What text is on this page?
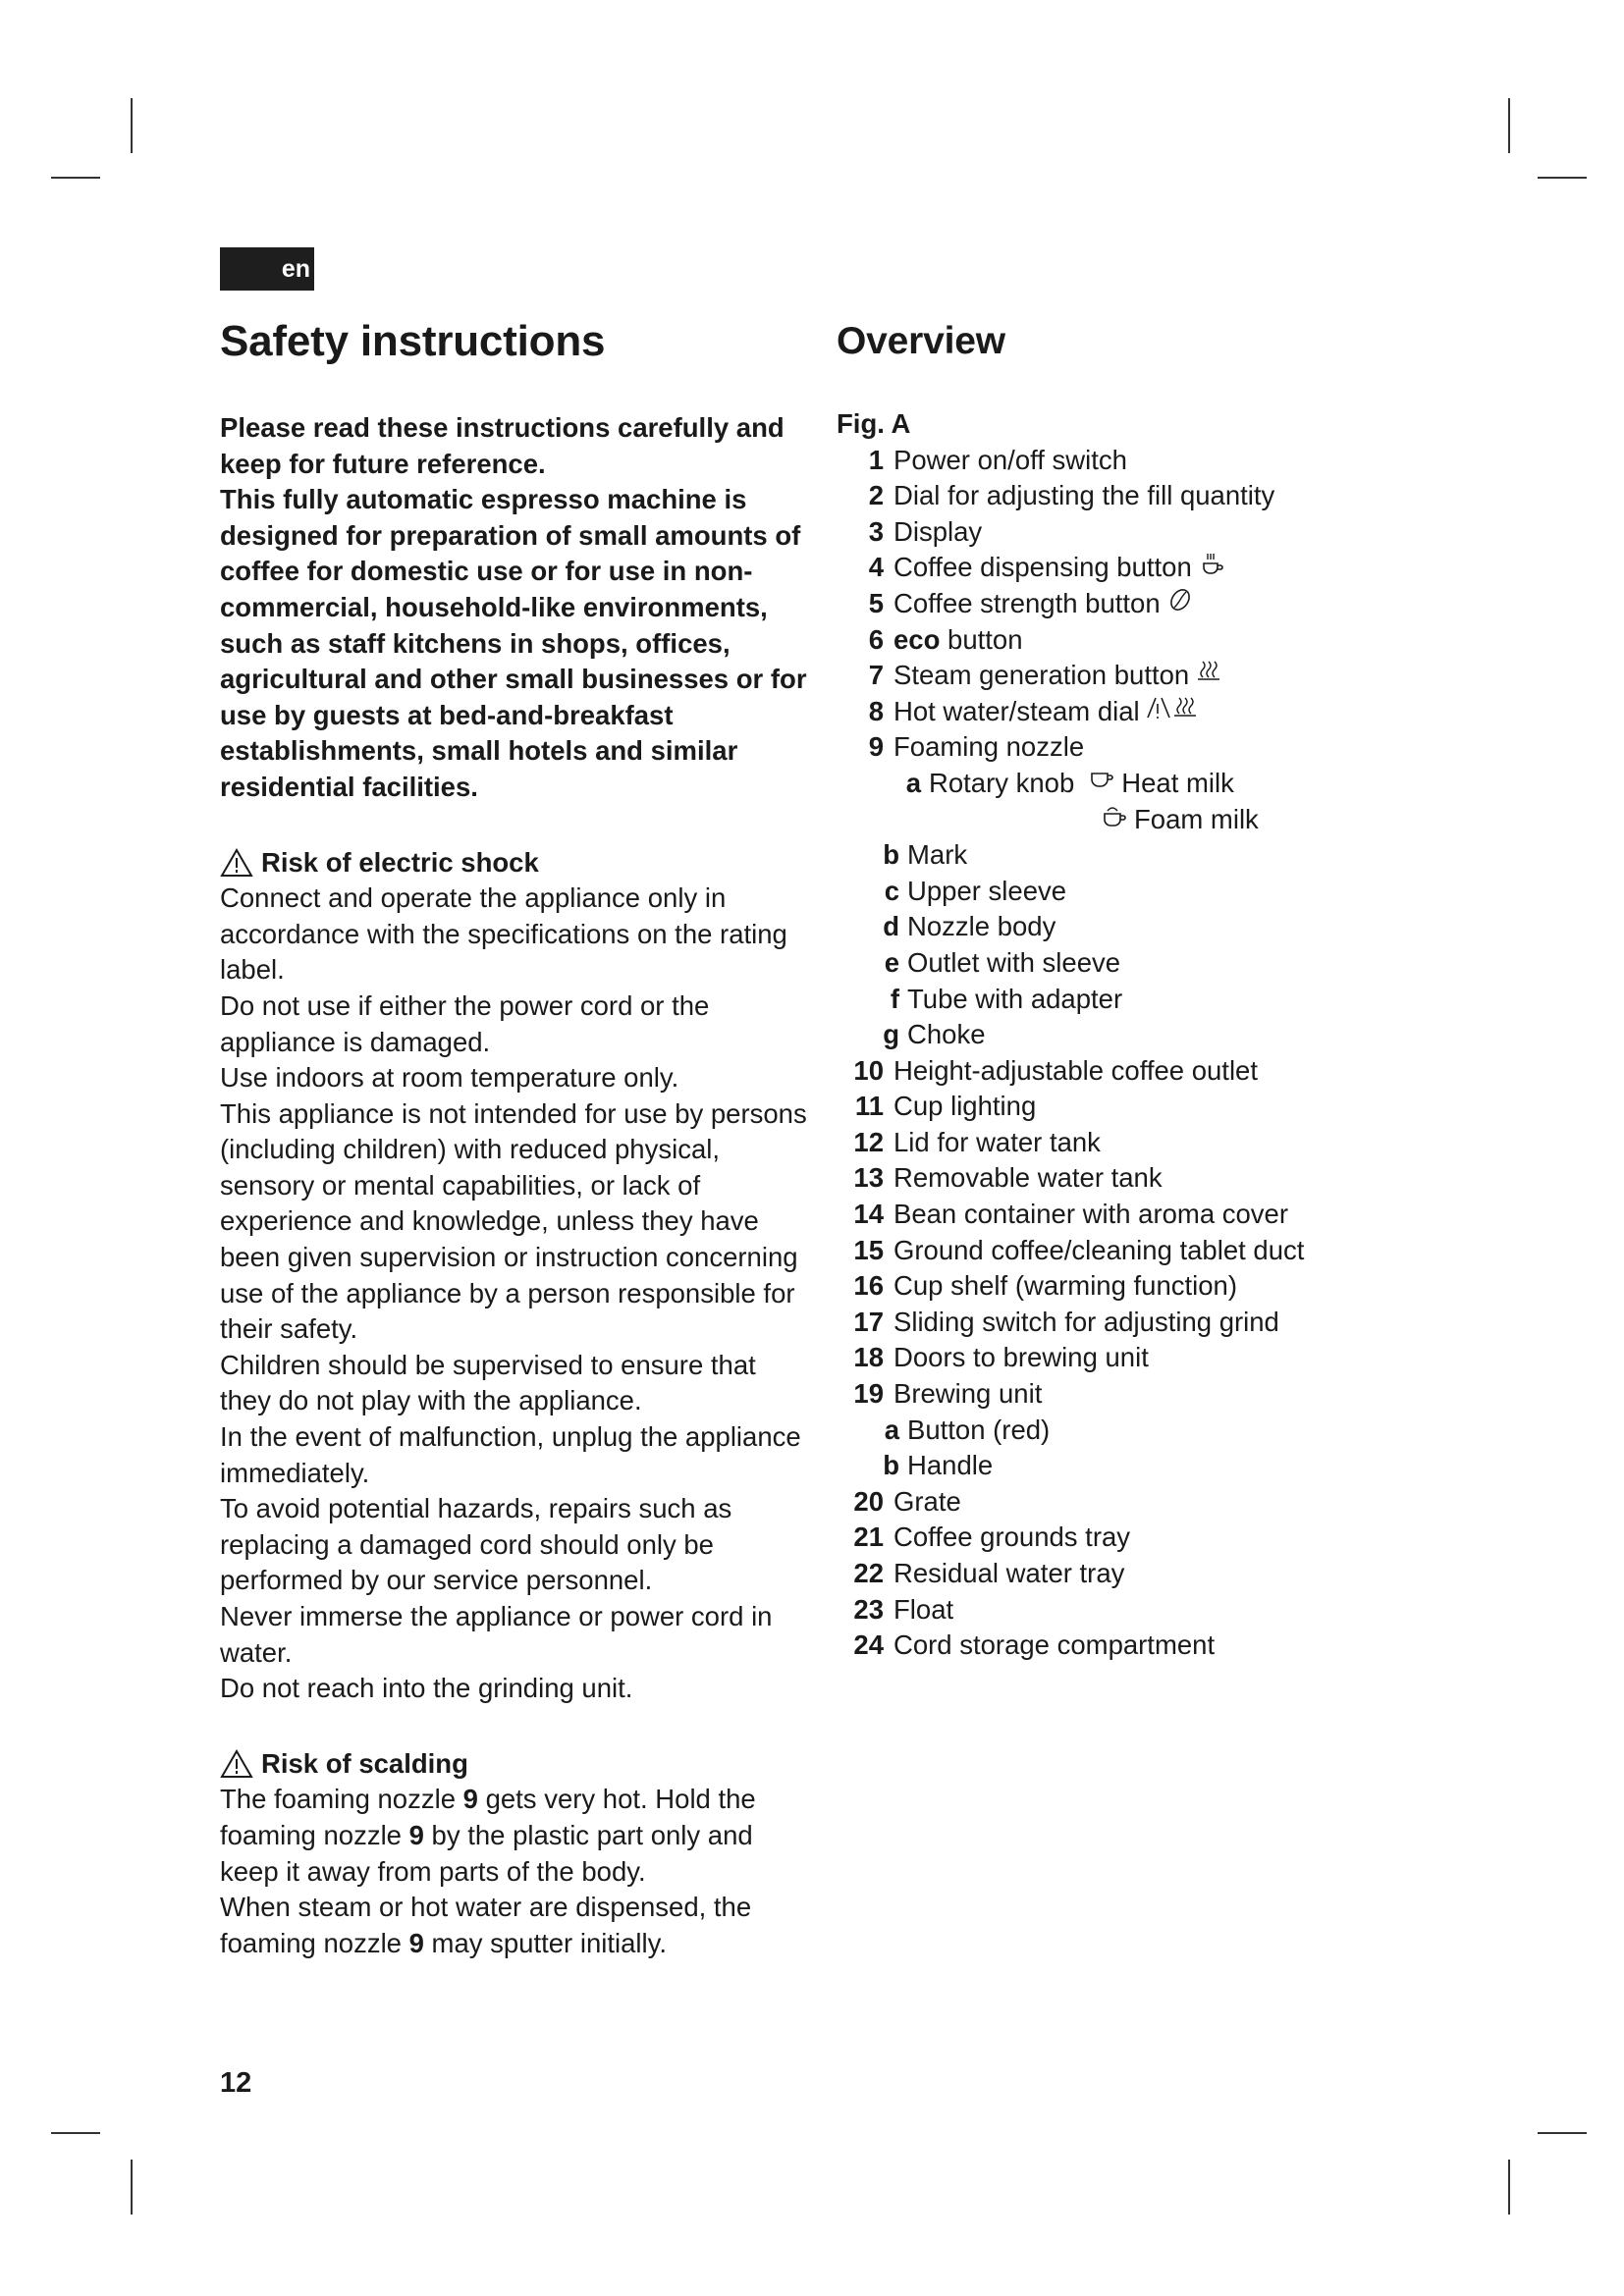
en
Safety instructions

Please read these instructions carefully and keep for future reference.

This fully automatic espresso machine is designed for preparation of small amounts of coffee for domestic use or for use in non-commercial, household-like environments, such as staff kitchens in shops, offices, agricultural and other small businesses or for use by guests at bed-and-breakfast establishments, small hotels and similar residential facilities.

Risk of electric shock

Connect and operate the appliance only in accordance with the specifications on the rating label.

Do not use if either the power cord or the appliance is damaged.

Use indoors at room temperature only.

This appliance is not intended for use by persons (including children) with reduced physical, sensory or mental capabilities, or lack of experience and knowledge, unless they have been given supervision or instruction concerning use of the appliance by a person responsible for their safety.

Children should be supervised to ensure that they do not play with the appliance.

In the event of malfunction, unplug the appliance immediately.

To avoid potential hazards, repairs such as replacing a damaged cord should only be performed by our service personnel.

Never immerse the appliance or power cord in water.

Do not reach into the grinding unit.

Risk of scalding

The foaming nozzle 9 gets very hot. Hold the foaming nozzle 9 by the plastic part only and keep it away from parts of the body.

When steam or hot water are dispensed, the foaming nozzle 9 may sputter initially.

Overview
Fig. A
1 Power on/off switch
2 Dial for adjusting the fill quantity
3 Display
4 Coffee dispensing button
5 Coffee strength button
6 eco button
7 Steam generation button
8 Hot water/steam dial
9 Foaming nozzle
a Rotary knob Heat milk
Foam milk
b Mark
c Upper sleeve
d Nozzle body
e Outlet with sleeve
f Tube with adapter
g Choke
10 Height-adjustable coffee outlet
11 Cup lighting
12 Lid for water tank
13 Removable water tank
14 Bean container with aroma cover
15 Ground coffee/cleaning tablet duct
16 Cup shelf (warming function)
17 Sliding switch for adjusting grind
18 Doors to brewing unit
19 Brewing unit
a Button (red)
b Handle
20 Grate
21 Coffee grounds tray
22 Residual water tray
23 Float
24 Cord storage compartment
12
